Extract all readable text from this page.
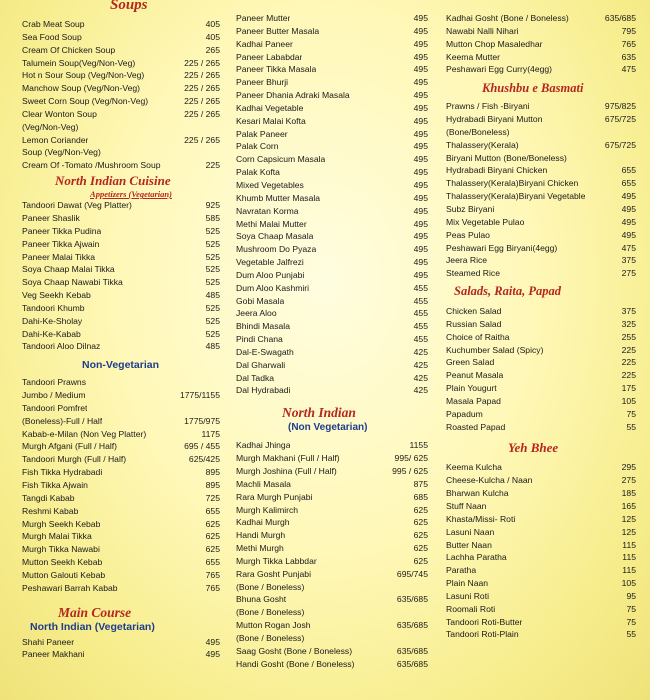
Soups
Crab Meat Soup	405
Sea Food Soup	405
Cream Of Chicken Soup	265
Talumein Soup(Veg/Non-Veg)	225 / 265
Hot n Sour Soup (Veg/Non-Veg)	225 / 265
Manchow Soup (Veg/Non-Veg)	225 / 265
Sweet Corn Soup (Veg/Non-Veg)	225 / 265
Clear Wonton Soup	225 / 265
(Veg/Non-Veg)
Lemon Coriander	225 / 265
Soup (Veg/Non-Veg)
Cream Of -Tomato /Mushroom Soup	225
North Indian Cuisine
Appetizers (Vegetarian)
Tandoori Dawat (Veg Platter)	925
Paneer Shaslik	585
Paneer Tikka Pudina	525
Paneer Tikka Ajwain	525
Paneer Malai Tikka	525
Soya Chaap Malai Tikka	525
Soya Chaap Nawabi Tikka	525
Veg Seekh Kebab	485
Tandoori Khumb	525
Dahi-Ke-Sholay	525
Dahi-Ke-Kabab	525
Tandoori Aloo Dilnaz	485
Non-Vegetarian
Tandoori Prawns
Jumbo / Medium	1775/1155
Tandoori Pomfret
(Boneless)-Full / Half	1775/975
Kabab-e-Milan (Non Veg Platter)	1175
Murgh Afgani (Full / Half)	695 / 455
Tandoori Murgh (Full / Half)	625/425
Fish Tikka Hydrabadi	895
Fish Tikka Ajwain	895
Tangdi Kabab	725
Reshmi Kabab	655
Murgh Seekh Kebab	625
Murgh Malai Tikka	625
Murgh Tikka Nawabi	625
Mutton Seekh Kebab	655
Mutton Galouti Kebab	765
Peshawari Barrah Kabab	765
Main Course
North Indian (Vegetarian)
Shahi Paneer	495
Paneer Makhani	495
Paneer Mutter	495
Paneer Butter Masala	495
Kadhai Paneer	495
Paneer Lababdar	495
Paneer Tikka Masala	495
Paneer Bhurji	495
Paneer Dhania Adraki Masala	495
Kadhai Vegetable	495
Kesari Malai Kofta	495
Palak Paneer	495
Palak Corn	495
Corn Capsicum Masala	495
Palak Kofta	495
Mixed Vegetables	495
Khumb Mutter Masala	495
Navratan Korma	495
Methi Malai Mutter	495
Soya Chaap Masala	495
Mushroom Do Pyaza	495
Vegetable Jalfrezi	495
Dum Aloo Punjabi	495
Dum Aloo Kashmiri	455
Gobi Masala	455
Jeera Aloo	455
Bhindi Masala	455
Pindi Chana	455
Dal-E-Swagath	425
Dal Gharwali	425
Dal Tadka	425
Dal Hydrabadi	425
North Indian
(Non Vegetarian)
Kadhai Jhinga	1155
Murgh Makhani (Full / Half)	995/ 625
Murgh Joshina (Full / Half)	995 / 625
Machli Masala	875
Rara Murgh Punjabi	685
Murgh Kalimirch	625
Kadhai Murgh	625
Handi Murgh	625
Methi Murgh	625
Murgh Tikka Labbdar	625
Rara Gosht Punjabi	695/745
(Bone / Boneless)
Bhuna Gosht	635/685
(Bone / Boneless)
Mutton Rogan Josh	635/685
(Bone / Boneless)
Saag Gosht (Bone / Boneless)	635/685
Handi Gosht (Bone / Boneless)	635/685
Kadhai Gosht (Bone / Boneless)	635/685
Nawabi Nalli Nihari	795
Mutton Chop Masaledhar	765
Keema Mutter	635
Peshawari Egg Curry(4egg)	475
Khushbu e Basmati
Prawns / Fish -Biryani	975/825
Hydrabadi Biryani Mutton	675/725
(Bone/Boneless)
Thalassery(Kerala)	675/725
Biryani Mutton (Bone/Boneless)
Hydrabadi Biryani Chicken	655
Thalassery(Kerala)Biryani Chicken	655
Thalassery(Kerala)Biryani Vegetable	495
Subz Biryani	495
Mix Vegetable Pulao	495
Peas Pulao	495
Peshawari Egg Biryani(4egg)	475
Jeera Rice	375
Steamed Rice	275
Salads, Raita, Papad
Chicken Salad	375
Russian Salad	325
Choice of Raitha	255
Kuchumber Salad (Spicy)	225
Green Salad	225
Peanut Masala	225
Plain Yougurt	175
Masala Papad	105
Papadum	75
Roasted Papad	55
Yeh Bhee
Keema Kulcha	295
Cheese-Kulcha / Naan	275
Bharwan Kulcha	185
Stuff Naan	165
Khasta/Missi- Roti	125
Lasuni Naan	125
Butter Naan	115
Lachha Paratha	115
Paratha	115
Plain Naan	105
Lasuni Roti	95
Roomali Roti	75
Tandoori Roti-Butter	75
Tandoori Roti-Plain	55
